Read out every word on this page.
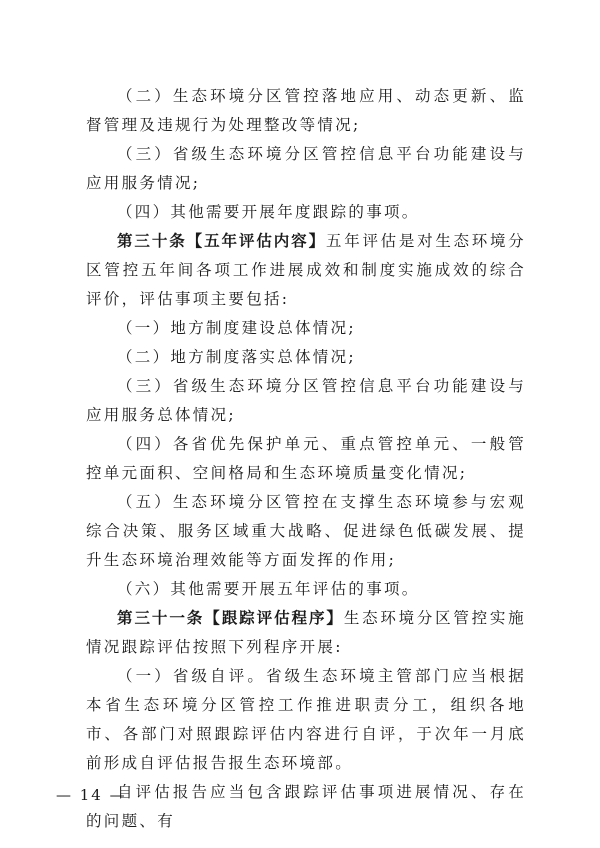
（二）生态环境分区管控落地应用、动态更新、监督管理及违规行为处理整改等情况;

（三）省级生态环境分区管控信息平台功能建设与应用服务情况;

（四）其他需要开展年度跟踪的事项。

第三十条【五年评估内容】五年评估是对生态环境分区管控五年间各项工作进展成效和制度实施成效的综合评价，评估事项主要包括:

（一）地方制度建设总体情况;

（二）地方制度落实总体情况;

（三）省级生态环境分区管控信息平台功能建设与应用服务总体情况;

（四）各省优先保护单元、重点管控单元、一般管控单元面积、空间格局和生态环境质量变化情况;

（五）生态环境分区管控在支撑生态环境参与宏观综合决策、服务区域重大战略、促进绿色低碳发展、提升生态环境治理效能等方面发挥的作用;

（六）其他需要开展五年评估的事项。

第三十一条【跟踪评估程序】生态环境分区管控实施情况跟踪评估按照下列程序开展:

（一）省级自评。省级生态环境主管部门应当根据本省生态环境分区管控工作推进职责分工，组织各地市、各部门对照跟踪评估内容进行自评，于次年一月底前形成自评估报告报生态环境部。

自评估报告应当包含跟踪评估事项进展情况、存在的问题、有

— 14 —
